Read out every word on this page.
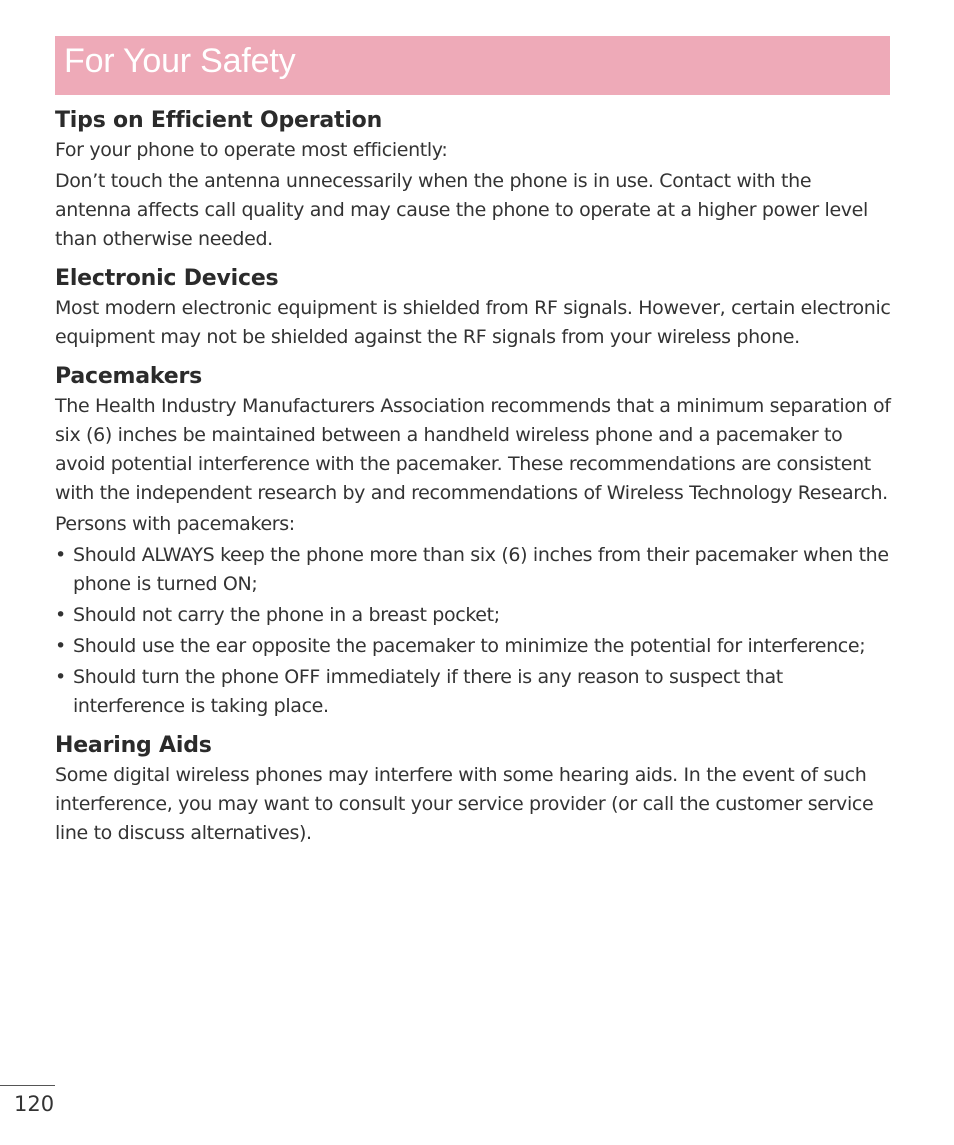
For Your Safety
Tips on Efficient Operation

For your phone to operate most efficiently:

Don’t touch the antenna unnecessarily when the phone is in use. Contact with the antenna affects call quality and may cause the phone to operate at a higher power level than otherwise needed.

Electronic Devices

Most modern electronic equipment is shielded from RF signals. However, certain electronic equipment may not be shielded against the RF signals from your wireless phone.

Pacemakers

The Health Industry Manufacturers Association recommends that a minimum separation of six (6) inches be maintained between a handheld wireless phone and a pacemaker to avoid potential interference with the pacemaker. These recommendations are consistent with the independent research by and recommendations of Wireless Technology Research.

Persons with pacemakers:

• Should ALWAYS keep the phone more than six (6) inches from their pacemaker when the phone is turned ON;
• Should not carry the phone in a breast pocket;
• Should use the ear opposite the pacemaker to minimize the potential for interference;
• Should turn the phone OFF immediately if there is any reason to suspect that interference is taking place.
Hearing Aids

Some digital wireless phones may interfere with some hearing aids. In the event of such interference, you may want to consult your service provider (or call the customer service line to discuss alternatives).

120
